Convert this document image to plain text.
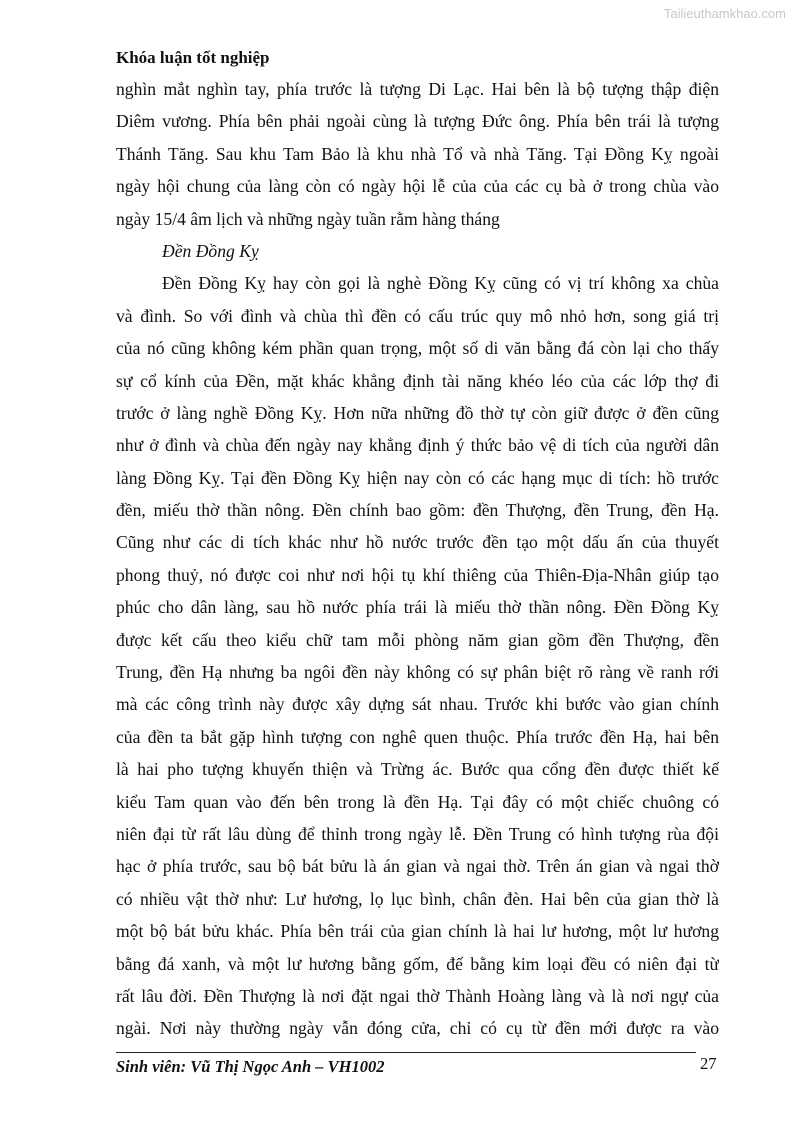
Tailieuthamkhao.com
Khóa luận tốt nghiệp
nghìn mắt nghìn tay, phía trước là tượng Di Lạc. Hai bên là bộ tượng thập điện
Diêm vương. Phía bên phải ngoài cùng là tượng Đức ông. Phía bên trái là tượng
Thánh Tăng. Sau khu Tam Bảo là khu nhà Tổ và nhà Tăng. Tại Đồng Kỵ ngoài
ngày hội chung của làng còn có ngày hội lễ của của các cụ bà ở trong chùa vào
ngày 15/4 âm lịch và những ngày tuần rằm hàng tháng
Đền Đồng Kỵ
Đền Đồng Kỵ hay còn gọi là nghè Đồng Kỵ cũng có vị trí không xa chùa
và đình. So với đình và chùa thì đền có cấu trúc quy mô nhỏ hơn, song giá trị
của nó cũng không kém phần quan trọng, một số di văn bằng đá còn lại cho thấy
sự cổ kính của Đền, mặt khác khẳng định tài năng khéo léo của các lớp thợ đi
trước ở làng nghề Đồng Kỵ. Hơn nữa những đồ thờ tự còn giữ được ở đền cũng
như ở đình và chùa đến ngày nay khẳng định ý thức bảo vệ di tích của người dân
làng Đồng Kỵ. Tại đền Đồng Kỵ hiện nay còn có các hạng mục di tích: hồ trước
đền, miếu thờ thần nông. Đền chính bao gồm: đền Thượng, đền Trung, đền Hạ.
Cũng như các di tích khác như hồ nước trước đền tạo một dấu ấn của thuyết
phong thuỷ, nó được coi như nơi hội tụ khí thiêng của Thiên-Địa-Nhân giúp tạo
phúc cho dân làng, sau hồ nước phía trái là miếu thờ thần nông. Đền Đồng Kỵ
được kết cấu theo kiểu chữ tam mỗi phòng năm gian gồm đền Thượng, đền
Trung, đền Hạ nhưng ba ngôi đền này không có sự phân biệt rõ ràng về ranh rới
mà các công trình này được xây dựng sát nhau. Trước khi bước vào gian chính
của đền ta bắt gặp hình tượng con nghê quen thuộc. Phía trước đền Hạ, hai bên
là hai pho tượng khuyến thiện và Trừng ác. Bước qua cổng đền được thiết kế
kiểu Tam quan vào đến bên trong là đền Hạ. Tại đây có một chiếc chuông có
niên đại từ rất lâu dùng để thỉnh trong ngày lễ. Đền Trung có hình tượng rùa đội
hạc ở phía trước, sau bộ bát bửu là án gian và ngai thờ. Trên án gian và ngai thờ
có nhiều vật thờ như: Lư hương, lọ lục bình, chân đèn. Hai bên của gian thờ là
một bộ bát bửu khác. Phía bên trái của gian chính là hai lư hương, một lư hương
bằng đá xanh, và một lư hương bằng gốm, đế bằng kim loại đều có niên đại từ
rất lâu đời. Đền Thượng là nơi đặt ngai thờ Thành Hoàng làng và là nơi ngự của
ngài. Nơi này thường ngày vẫn đóng cửa, chỉ có cụ từ đền mới được ra vào
Sinh viên: Vũ Thị Ngọc Anh – VH1002	27
